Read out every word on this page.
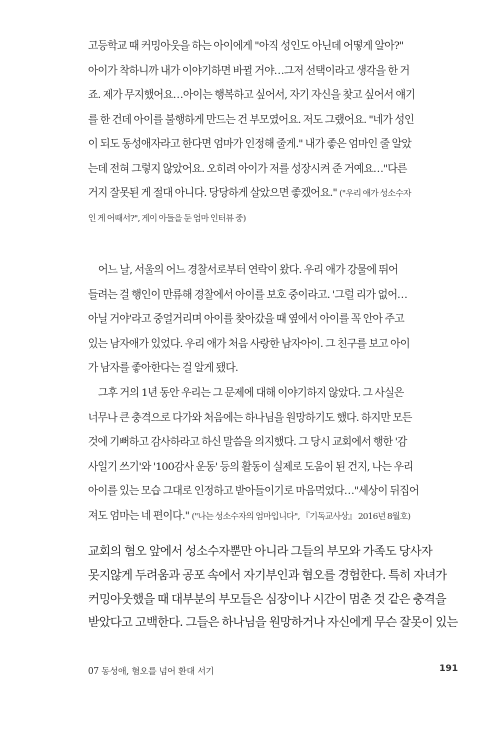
고등학교 때 커밍아웃을 하는 아이에게 "아직 성인도 아닌데 어떻게 알아?"
아이가 착하니까 내가 이야기하면 바뀔 거야…그저 선택이라고 생각을 한 거
죠. 제가 무지했어요…아이는 행복하고 싶어서, 자기 자신을 찾고 싶어서 얘기
를 한 건데 아이를 불행하게 만드는 건 부모였어요. 저도 그랬어요. "네가 성인
이 되도 동성애자라고 한다면 엄마가 인정해 줄게." 내가 좋은 엄마인 줄 알았
는데 전혀 그렇지 않았어요. 오히려 아이가 저를 성장시켜 준 거예요…"다른
거지 잘못된 게 절대 아니다. 당당하게 살았으면 좋겠어요." ("우리 애가 성소수자
인 게 어때서?", 게이 아들을 둔 엄마 인터뷰 중)
어느 날, 서울의 어느 경찰서로부터 연락이 왔다. 우리 애가 강물에 뛰어
들려는 걸 행인이 만류해 경찰에서 아이를 보호 중이라고. '그럴 리가 없어…
아닐 거야'라고 중얼거리며 아이를 찾아갔을 때 옆에서 아이를 꼭 안아 주고
있는 남자애가 있었다. 우리 애가 처음 사랑한 남자아이. 그 친구를 보고 아이
가 남자를 좋아한다는 걸 알게 됐다.
그후 거의 1년 동안 우리는 그 문제에 대해 이야기하지 않았다. 그 사실은
너무나 큰 충격으로 다가와 처음에는 하나님을 원망하기도 했다. 하지만 모든
것에 기뻐하고 감사하라고 하신 말씀을 의지했다. 그 당시 교회에서 행한 '감
사일기 쓰기'와 '100감사 운동' 등의 활동이 실제로 도움이 된 건지, 나는 우리
아이를 있는 모습 그대로 인정하고 받아들이기로 마음먹었다…"세상이 뒤집어
져도 엄마는 네 편이다." ("나는 성소수자의 엄마입니다", 『기독교사상』 2016년 8월호)
교회의 혐오 앞에서 성소수자뿐만 아니라 그들의 부모와 가족도 당사자
못지않게 두려움과 공포 속에서 자기부인과 혐오를 경험한다. 특히 자녀가
커밍아웃했을 때 대부분의 부모들은 심장이나 시간이 멈춘 것 같은 충격을
받았다고 고백한다. 그들은 하나님을 원망하거나 자신에게 무슨 잘못이 있는
07 동성애, 혐오를 넘어 환대 서기	191
